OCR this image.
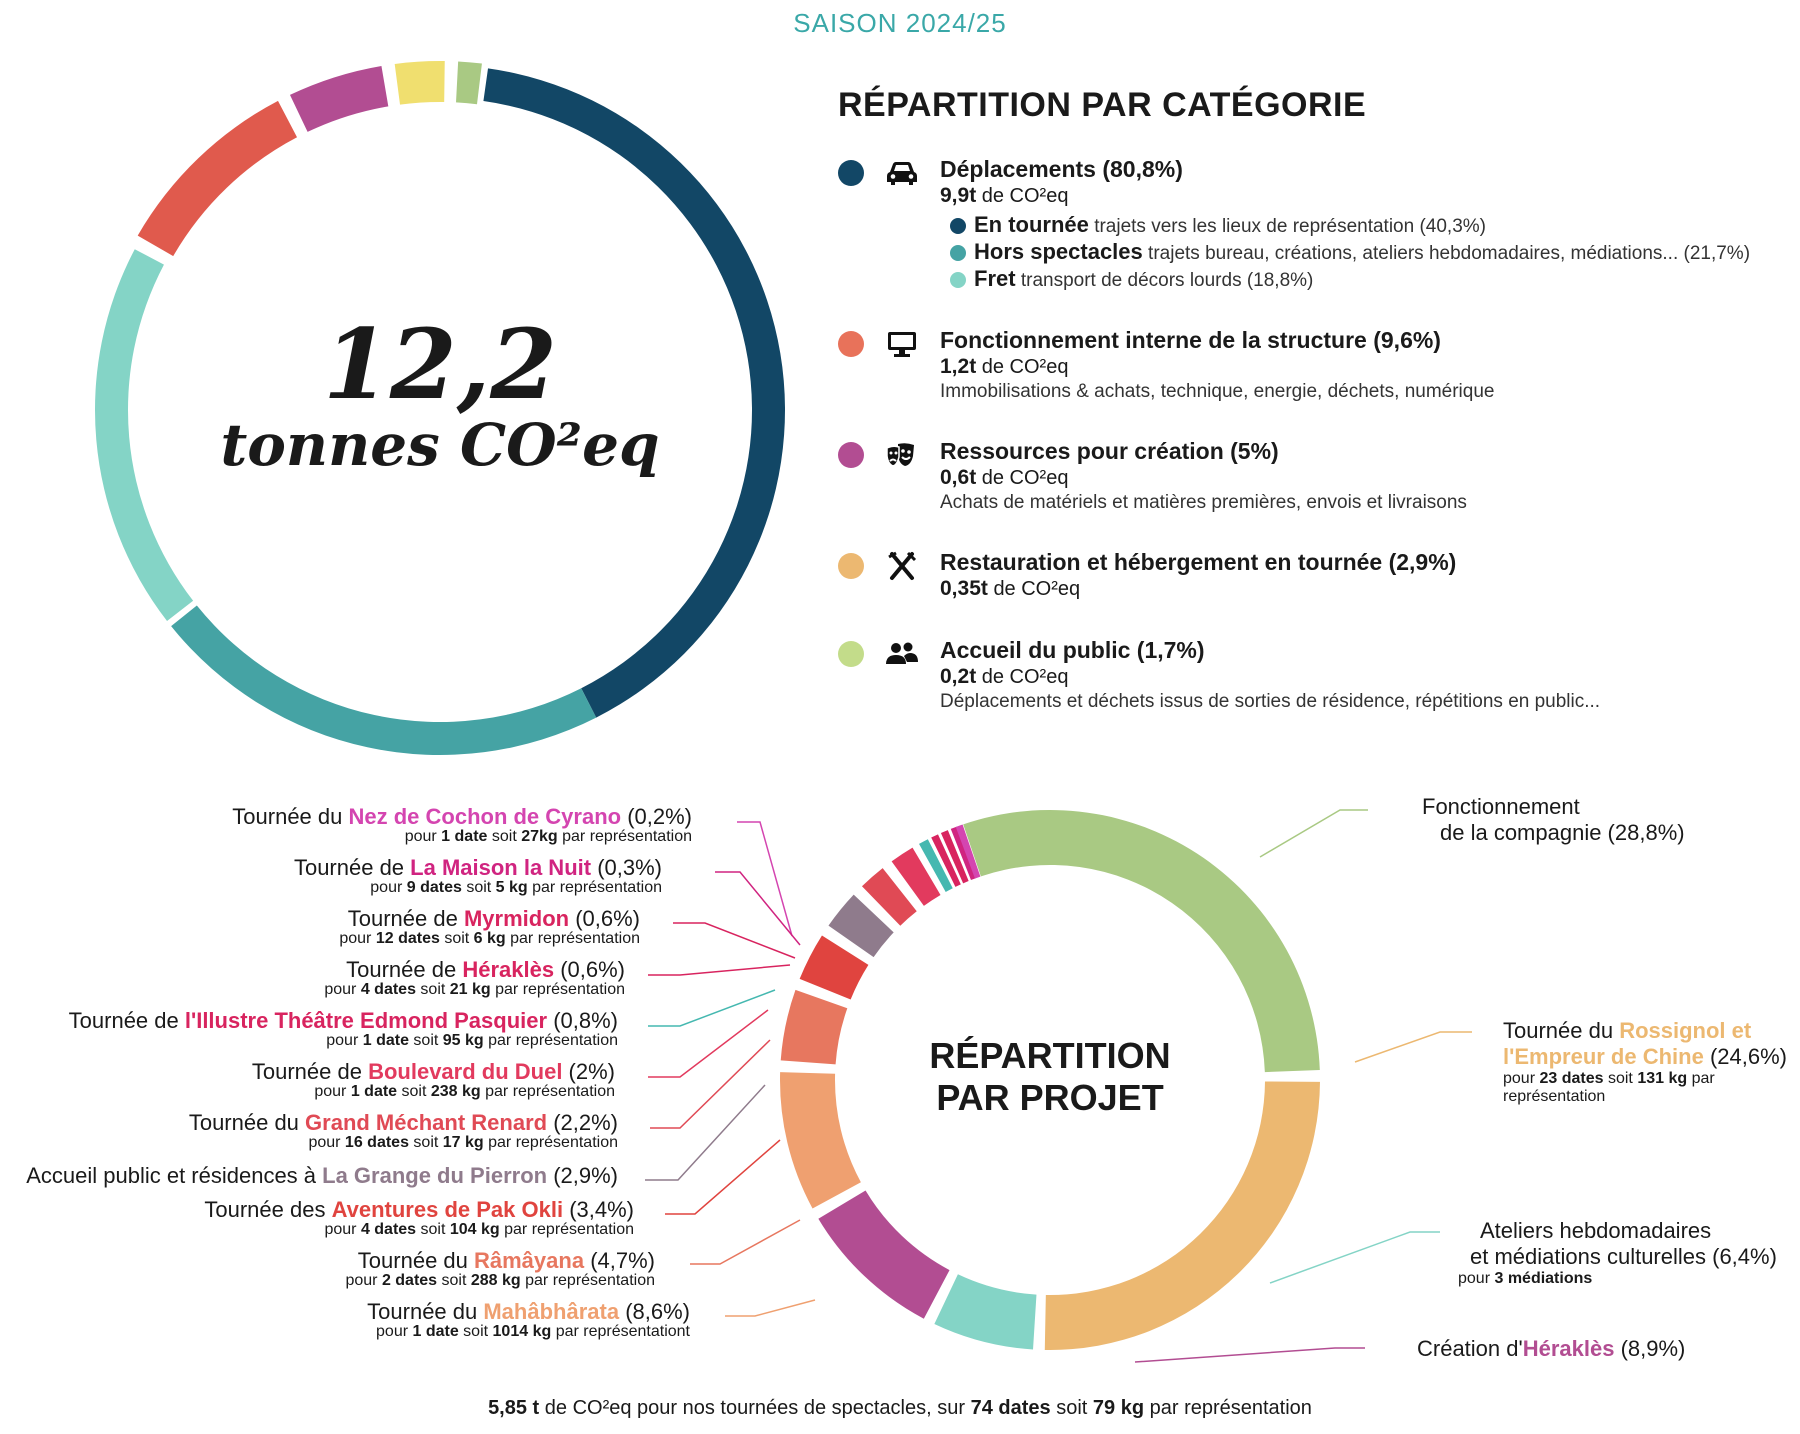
SAISON 2024/25
12,2
tonnes CO²eq
RÉPARTITION PAR CATÉGORIE
Déplacements (80,8%)
9,9t de CO²eq
En tournée trajets vers les lieux de représentation (40,3%)
Hors spectacles trajets bureau, créations, ateliers hebdomadaires, médiations... (21,7%)
Fret transport de décors lourds (18,8%)
Fonctionnement interne de la structure (9,6%)
1,2t de CO²eq
Immobilisations & achats, technique, energie, déchets, numérique
Ressources pour création (5%)
0,6t de CO²eq
Achats de matériels et matières premières, envois et livraisons
Restauration et hébergement en tournée (2,9%)
0,35t de CO²eq
Accueil du public (1,7%)
0,2t de CO²eq
Déplacements et déchets issus de sorties de résidence, répétitions en public...
RÉPARTITION
PAR PROJET
Tournée du Nez de Cochon de Cyrano (0,2%)
pour 1 date soit 27kg par représentation
Tournée de La Maison la Nuit (0,3%)
pour 9 dates soit 5 kg par représentation
Tournée de Myrmidon (0,6%)
pour 12 dates soit 6 kg par représentation
Tournée de Héraklès (0,6%)
pour 4 dates soit 21 kg par représentation
Tournée de l'Illustre Théâtre Edmond Pasquier (0,8%)
pour 1 date soit 95 kg par représentation
Tournée de Boulevard du Duel (2%)
pour 1 date soit 238 kg par représentation
Tournée du Grand Méchant Renard (2,2%)
pour 16 dates soit 17 kg par représentation
Accueil public et résidences à La Grange du Pierron (2,9%)
Tournée des Aventures de Pak Okli (3,4%)
pour 4 dates soit 104 kg par représentation
Tournée du Râmâyana (4,7%)
pour 2 dates soit 288 kg par représentation
Tournée du Mahâbhârata (8,6%)
pour 1 date soit 1014 kg par représentationt
Fonctionnement
de la compagnie (28,8%)
Tournée du Rossignol et
l'Empreur de Chine (24,6%)
pour 23 dates soit 131 kg par
représentation
Ateliers hebdomadaires
et médiations culturelles (6,4%)
pour 3 médiations
Création d'Héraklès (8,9%)
5,85 t de CO²eq pour nos tournées de spectacles, sur 74 dates soit 79 kg par représentation
